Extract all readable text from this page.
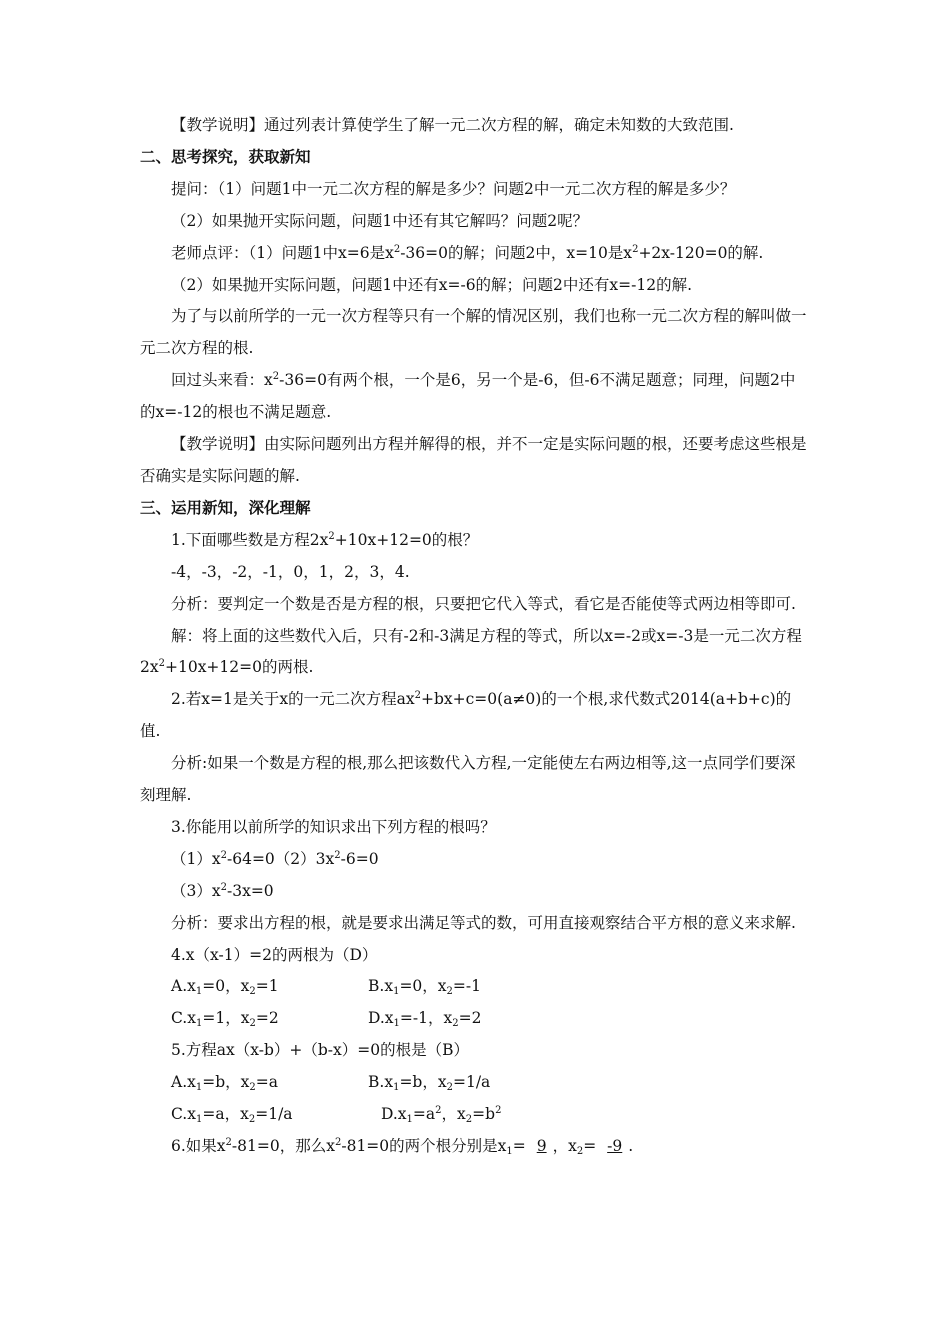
【教学说明】通过列表计算使学生了解一元二次方程的解，确定未知数的大致范围.

二、思考探究，获取新知

提问：（1）问题1中一元二次方程的解是多少？问题2中一元二次方程的解是多少？

（2）如果抛开实际问题，问题1中还有其它解吗？问题2呢？

老师点评：（1）问题1中x=6是$x^2-36=0$的解；问题2中，x=10是$x^2+2x-120=0$的解.

（2）如果抛开实际问题，问题1中还有x=-6的解；问题2中还有x=-12的解.

为了与以前所学的一元一次方程等只有一个解的情况区别，我们也称一元二次方程的解叫做一元二次方程的根.

回过头来看：$x^2-36=0$有两个根，一个是6，另一个是-6，但-6不满足题意；同理，问题2中的x=-12的根也不满足题意.

【教学说明】由实际问题列出方程并解得的根，并不一定是实际问题的根，还要考虑这些根是否确实是实际问题的解.

三、运用新知，深化理解

1.下面哪些数是方程$2x^2+10x+12=0$的根？

-4，-3，-2，-1，0，1，2，3，4.

分析：要判定一个数是否是方程的根，只要把它代入等式，看它是否能使等式两边相等即可.

解：将上面的这些数代入后，只有-2和-3满足方程的等式，所以x=-2或x=-3是一元二次方程$2x^2+10x+12=0$的两根.

2.若x=1是关于x的一元二次方程$ax^2+bx+c=0(a\ne 0)$的一个根,求代数式2014(a+b+c)的值.

分析:如果一个数是方程的根,那么把该数代入方程,一定能使左右两边相等,这一点同学们要深刻理解.

3.你能用以前所学的知识求出下列方程的根吗？

$(1)x^2-64=0(2)3x^2-6=0$

$(3)x^2-3x=0$

分析：要求出方程的根，就是要求出满足等式的数，可用直接观察结合平方根的意义来求解.

4.x（x-1）=2的两根为（D）

$A.x_1=0$，$x_2=1$	$B.x_1=0$，$x_2=-1$
$C.x_1=1$，$x_2=2$	$D.x_1=-1$，$x_2=2$

5.方程ax（x-b）+（b-x）=0的根是（B）

$A.x_1=b$，$x_2=a$	$B.x_1=b$，$x_2=1/a$
$C.x_1=a$，$x_2=1/a$	$D.x_1=a^2$，$x_2=b^2$

6.如果$x^2-81=0$，那么$x^2-81=0$的两个根分别是$x_1= 9$ ，$x_2= -9$ .
